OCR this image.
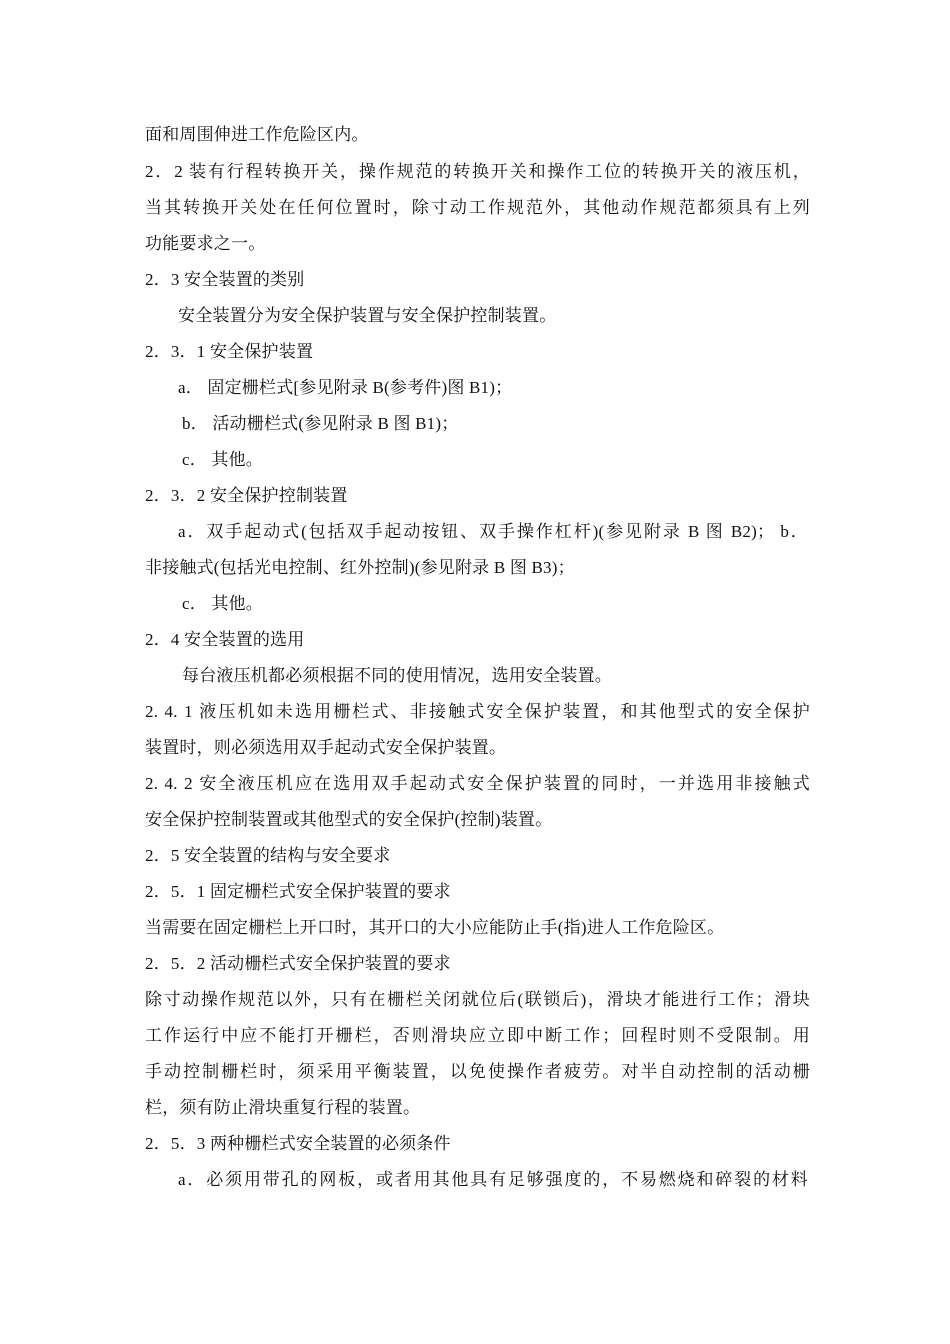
面和周围伸进工作危险区内。
2．2 装有行程转换开关，操作规范的转换开关和操作工位的转换开关的液压机，
当其转换开关处在任何位置时，除寸动工作规范外，其他动作规范都须具有上列
功能要求之一。
2．3 安全装置的类别
安全装置分为安全保护装置与安全保护控制装置。
2．3．1 安全保护装置
a． 固定栅栏式[参见附录 B(参考件)图 B1)；
b． 活动栅栏式(参见附录 B 图 B1)；
c． 其他。
2．3．2 安全保护控制装置
a．双手起动式(包括双手起动按钮、双手操作杠杆)(参见附录 B 图 B2)； b．
非接触式(包括光电控制、红外控制)(参见附录 B 图 B3)；
c． 其他。
2．4 安全装置的选用
每台液压机都必须根据不同的使用情况，选用安全装置。
2. 4. 1 液压机如未选用栅栏式、非接触式安全保护装置，和其他型式的安全保护
装置时，则必须选用双手起动式安全保护装置。
2. 4. 2 安全液压机应在选用双手起动式安全保护装置的同时，一并选用非接触式
安全保护控制装置或其他型式的安全保护(控制)装置。
2．5 安全装置的结构与安全要求
2．5．1 固定栅栏式安全保护装置的要求
当需要在固定栅栏上开口时，其开口的大小应能防止手(指)进人工作危险区。
2．5．2 活动栅栏式安全保护装置的要求
除寸动操作规范以外，只有在栅栏关闭就位后(联锁后)，滑块才能进行工作；滑块
工作运行中应不能打开栅栏，否则滑块应立即中断工作；回程时则不受限制。用
手动控制栅栏时，须采用平衡装置，以免使操作者疲劳。对半自动控制的活动栅
栏，须有防止滑块重复行程的装置。
2．5．3 两种栅栏式安全装置的必须条件
a．必须用带孔的网板，或者用其他具有足够强度的，不易燃烧和碎裂的材料
